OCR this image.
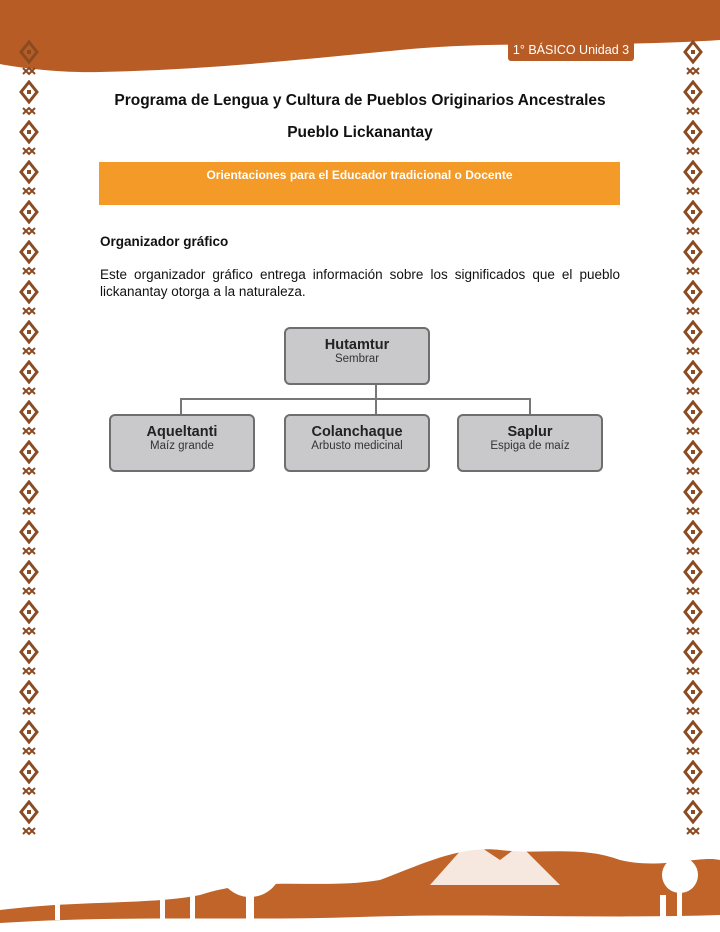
1° BÁSICO Unidad 3
Programa de Lengua y Cultura de Pueblos Originarios Ancestrales
Pueblo Lickanantay
Orientaciones para el Educador tradicional o Docente
Organizador gráfico
Este organizador gráfico entrega información sobre los significados que el pueblo lickanantay otorga a la naturaleza.
Hutamtur
Sembrar
Aqueltanti
Maíz grande
Colanchaque
Arbusto medicinal
Saplur
Espiga de maíz
